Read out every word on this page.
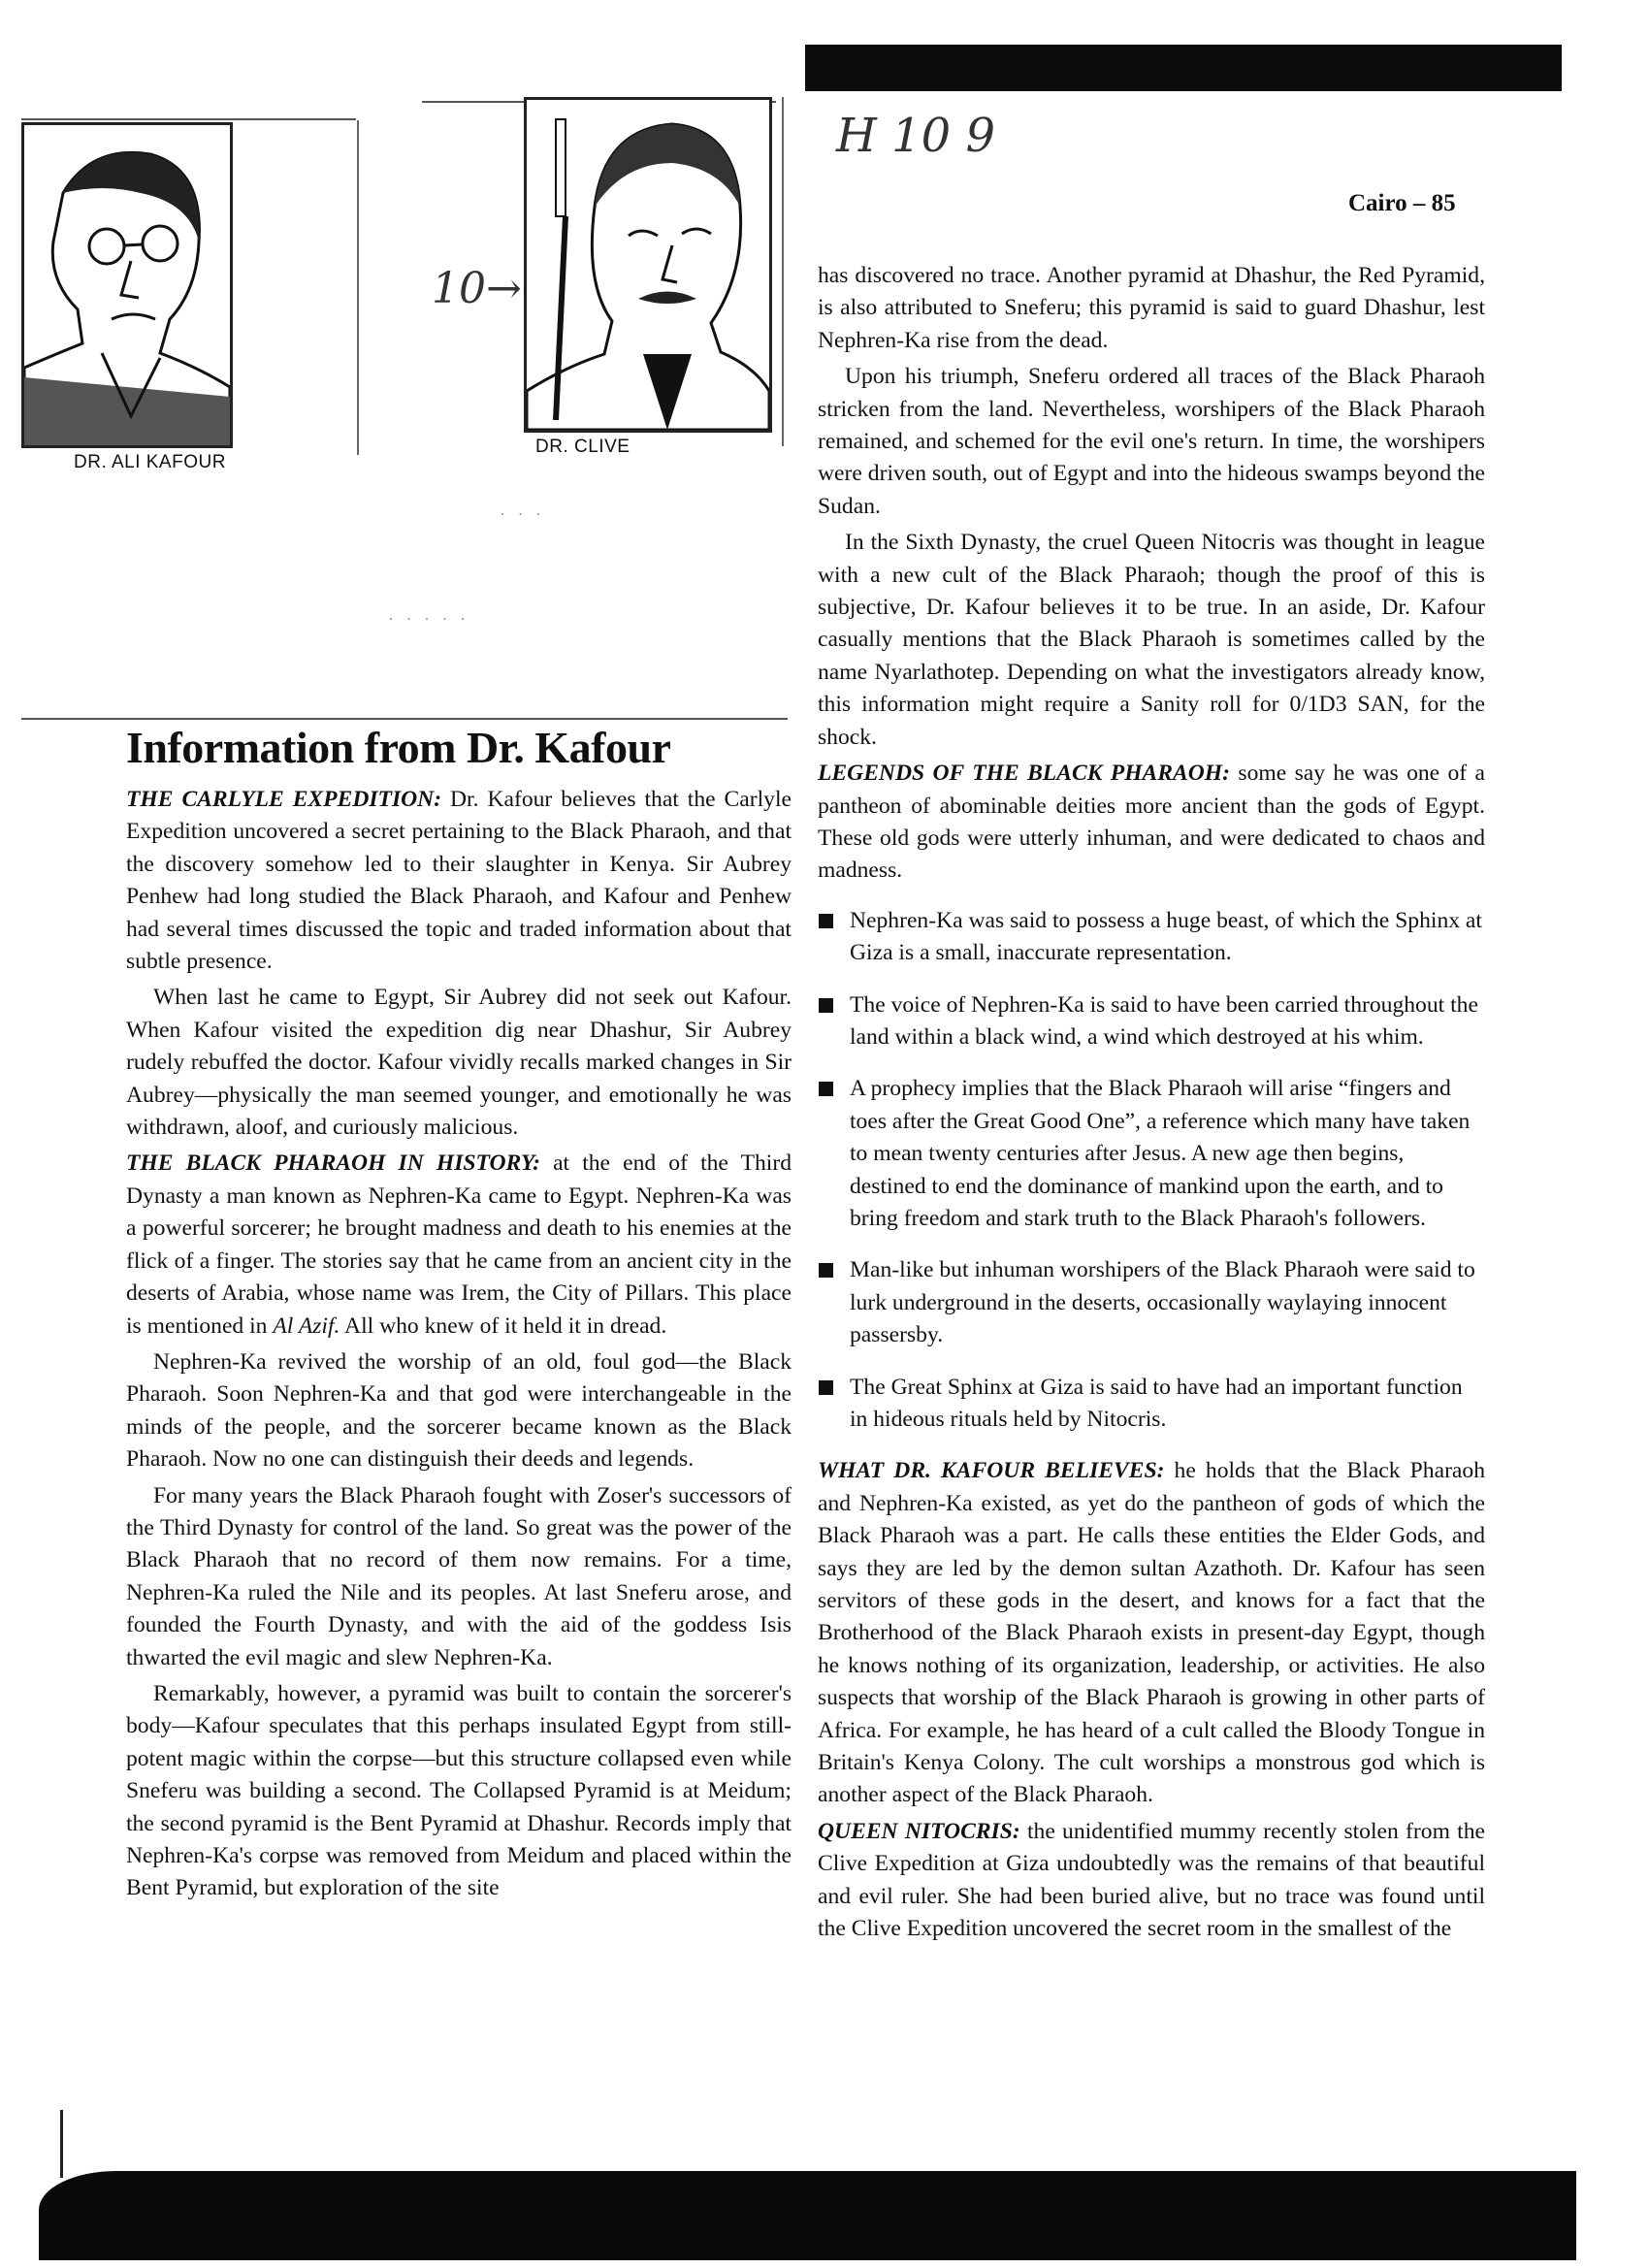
H 10 9
Cairo – 85
DR. ALI KAFOUR
10→
DR. CLIVE
· · ·
· · · · ·
Information from Dr. Kafour

THE CARLYLE EXPEDITION: Dr. Kafour believes that the Carlyle Expedition uncovered a secret pertaining to the Black Pharaoh, and that the discovery somehow led to their slaughter in Kenya. Sir Aubrey Penhew had long studied the Black Pharaoh, and Kafour and Penhew had several times discussed the topic and traded information about that subtle presence.

When last he came to Egypt, Sir Aubrey did not seek out Kafour. When Kafour visited the expedition dig near Dhashur, Sir Aubrey rudely rebuffed the doctor. Kafour vividly recalls marked changes in Sir Aubrey—physically the man seemed younger, and emotionally he was withdrawn, aloof, and curiously malicious.

THE BLACK PHARAOH IN HISTORY: at the end of the Third Dynasty a man known as Nephren-Ka came to Egypt. Nephren-Ka was a powerful sorcerer; he brought madness and death to his enemies at the flick of a finger. The stories say that he came from an ancient city in the deserts of Arabia, whose name was Irem, the City of Pillars. This place is mentioned in Al Azif. All who knew of it held it in dread.

Nephren-Ka revived the worship of an old, foul god—the Black Pharaoh. Soon Nephren-Ka and that god were interchangeable in the minds of the people, and the sorcerer became known as the Black Pharaoh. Now no one can distinguish their deeds and legends.

For many years the Black Pharaoh fought with Zoser's successors of the Third Dynasty for control of the land. So great was the power of the Black Pharaoh that no record of them now remains. For a time, Nephren-Ka ruled the Nile and its peoples. At last Sneferu arose, and founded the Fourth Dynasty, and with the aid of the goddess Isis thwarted the evil magic and slew Nephren-Ka.

Remarkably, however, a pyramid was built to contain the sorcerer's body—Kafour speculates that this perhaps insulated Egypt from still-potent magic within the corpse—but this structure collapsed even while Sneferu was building a second. The Collapsed Pyramid is at Meidum; the second pyramid is the Bent Pyramid at Dhashur. Records imply that Nephren-Ka's corpse was removed from Meidum and placed within the Bent Pyramid, but exploration of the site

has discovered no trace. Another pyramid at Dhashur, the Red Pyramid, is also attributed to Sneferu; this pyramid is said to guard Dhashur, lest Nephren-Ka rise from the dead.

Upon his triumph, Sneferu ordered all traces of the Black Pharaoh stricken from the land. Nevertheless, worshipers of the Black Pharaoh remained, and schemed for the evil one's return. In time, the worshipers were driven south, out of Egypt and into the hideous swamps beyond the Sudan.

In the Sixth Dynasty, the cruel Queen Nitocris was thought in league with a new cult of the Black Pharaoh; though the proof of this is subjective, Dr. Kafour believes it to be true. In an aside, Dr. Kafour casually mentions that the Black Pharaoh is sometimes called by the name Nyarlathotep. Depending on what the investigators already know, this information might require a Sanity roll for 0/1D3 SAN, for the shock.

LEGENDS OF THE BLACK PHARAOH: some say he was one of a pantheon of abominable deities more ancient than the gods of Egypt. These old gods were utterly inhuman, and were dedicated to chaos and madness.

Nephren-Ka was said to possess a huge beast, of which the Sphinx at Giza is a small, inaccurate representation.

The voice of Nephren-Ka is said to have been carried throughout the land within a black wind, a wind which destroyed at his whim.

A prophecy implies that the Black Pharaoh will arise “fingers and toes after the Great Good One”, a reference which many have taken to mean twenty centuries after Jesus. A new age then begins, destined to end the dominance of mankind upon the earth, and to bring freedom and stark truth to the Black Pharaoh's followers.

Man-like but inhuman worshipers of the Black Pharaoh were said to lurk underground in the deserts, occasionally waylaying innocent passersby.

The Great Sphinx at Giza is said to have had an important function in hideous rituals held by Nitocris.

WHAT DR. KAFOUR BELIEVES: he holds that the Black Pharaoh and Nephren-Ka existed, as yet do the pantheon of gods of which the Black Pharaoh was a part. He calls these entities the Elder Gods, and says they are led by the demon sultan Azathoth. Dr. Kafour has seen servitors of these gods in the desert, and knows for a fact that the Brotherhood of the Black Pharaoh exists in present-day Egypt, though he knows nothing of its organization, leadership, or activities. He also suspects that worship of the Black Pharaoh is growing in other parts of Africa. For example, he has heard of a cult called the Bloody Tongue in Britain's Kenya Colony. The cult worships a monstrous god which is another aspect of the Black Pharaoh.

QUEEN NITOCRIS: the unidentified mummy recently stolen from the Clive Expedition at Giza undoubtedly was the remains of that beautiful and evil ruler. She had been buried alive, but no trace was found until the Clive Expedition uncovered the secret room in the smallest of the
